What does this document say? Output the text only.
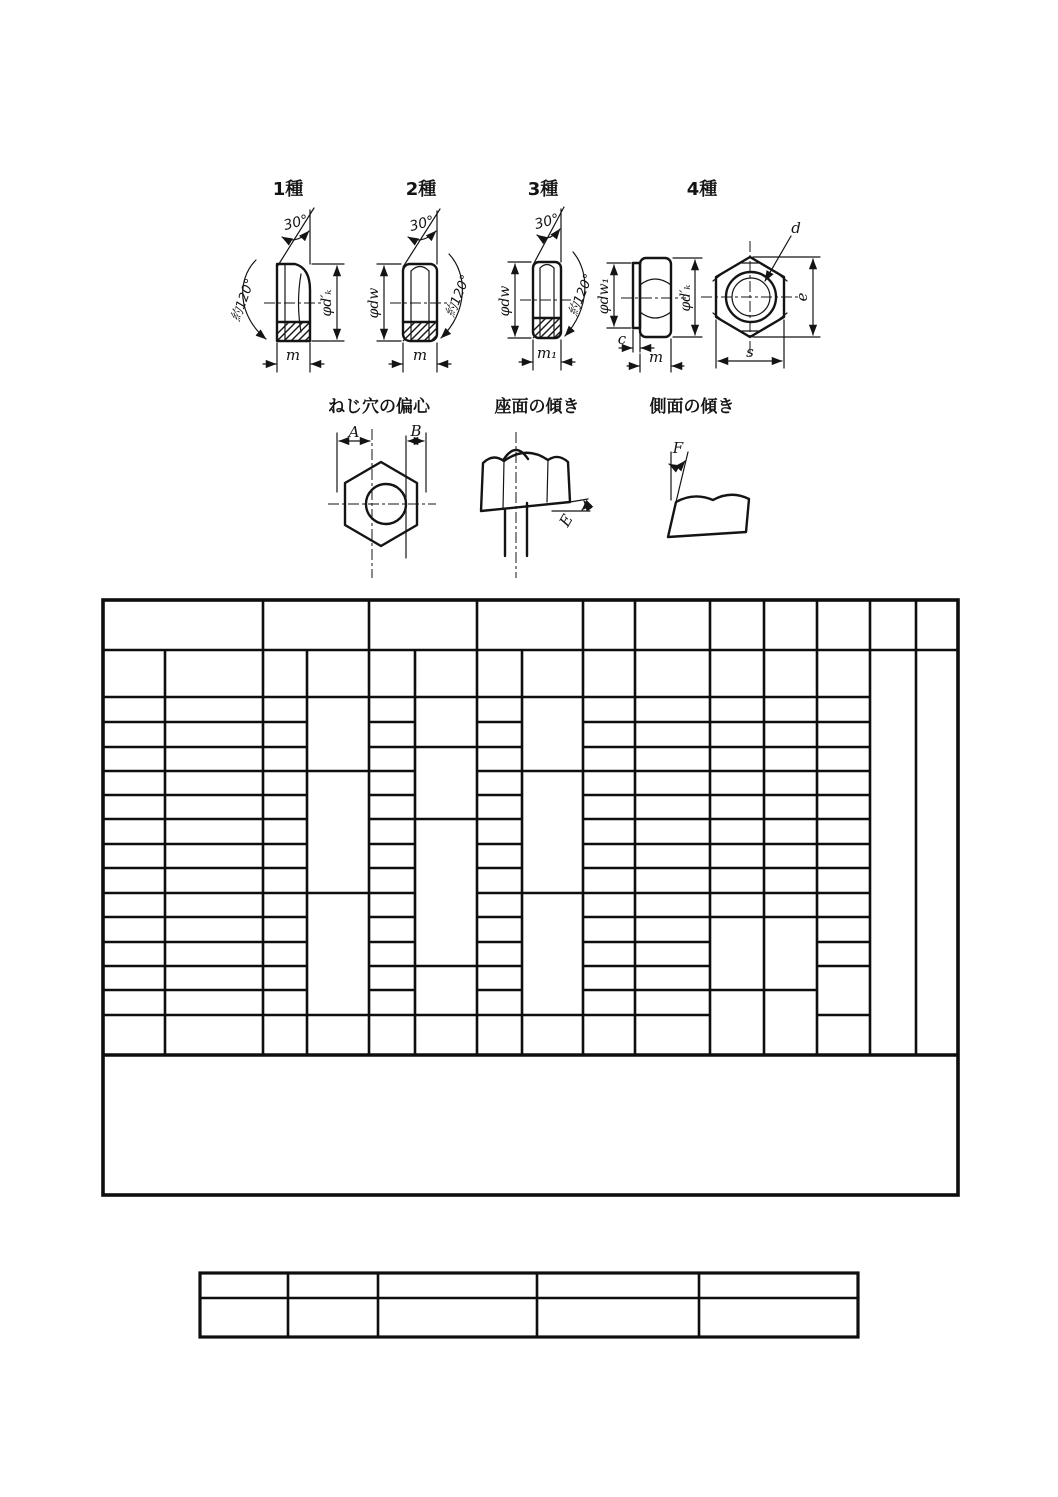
1種
30°
約120°	φd′ₖ
m
2種
30°
約120°
φdw
m
3種
30°
約120°
φdw
m₁
4種
φdw₁	φd′ₖ
c
m
d
e
s
ねじ穴の偏心
A	B
座面の傾き
E
側面の傾き
F
